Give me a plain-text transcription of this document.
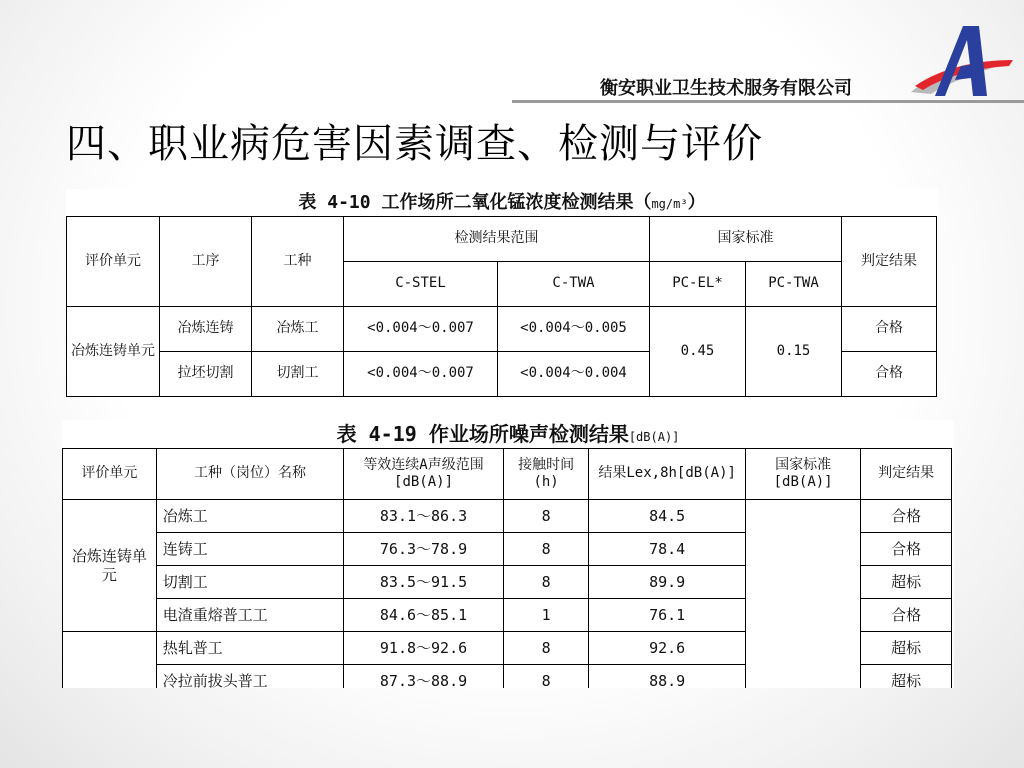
衡安职业卫生技术服务有限公司
四、职业病危害因素调查、检测与评价
表 4-10 工作场所二氧化锰浓度检测结果（mg/m³）
评价单元	工序	工种	检测结果范围		国家标准		判定结果
			C-STEL	C-TWA	PC-EL*	PC-TWA	
冶炼连铸单元	冶炼连铸	冶炼工	<0.004～0.007	<0.004～0.005	0.45	0.15	合格
	拉坯切割	切割工	<0.004～0.007	<0.004～0.004			合格
表 4-19 作业场所噪声检测结果[dB(A)]
评价单元	工种（岗位）名称	等效连续A声级范围[dB(A)]	接触时间(h)	结果Lex,8h[dB(A)]	国家标准[dB(A)]	判定结果
冶炼连铸单元	冶炼工	83.1～86.3	8	84.5		合格
	连铸工	76.3～78.9	8	78.4		合格
	切割工	83.5～91.5	8	89.9		超标
	电渣重熔普工工	84.6～85.1	1	76.1		合格
	热轧普工	91.8～92.6	8	92.6		超标
	冷拉前拔头普工	87.3～88.9	8	88.9		超标
